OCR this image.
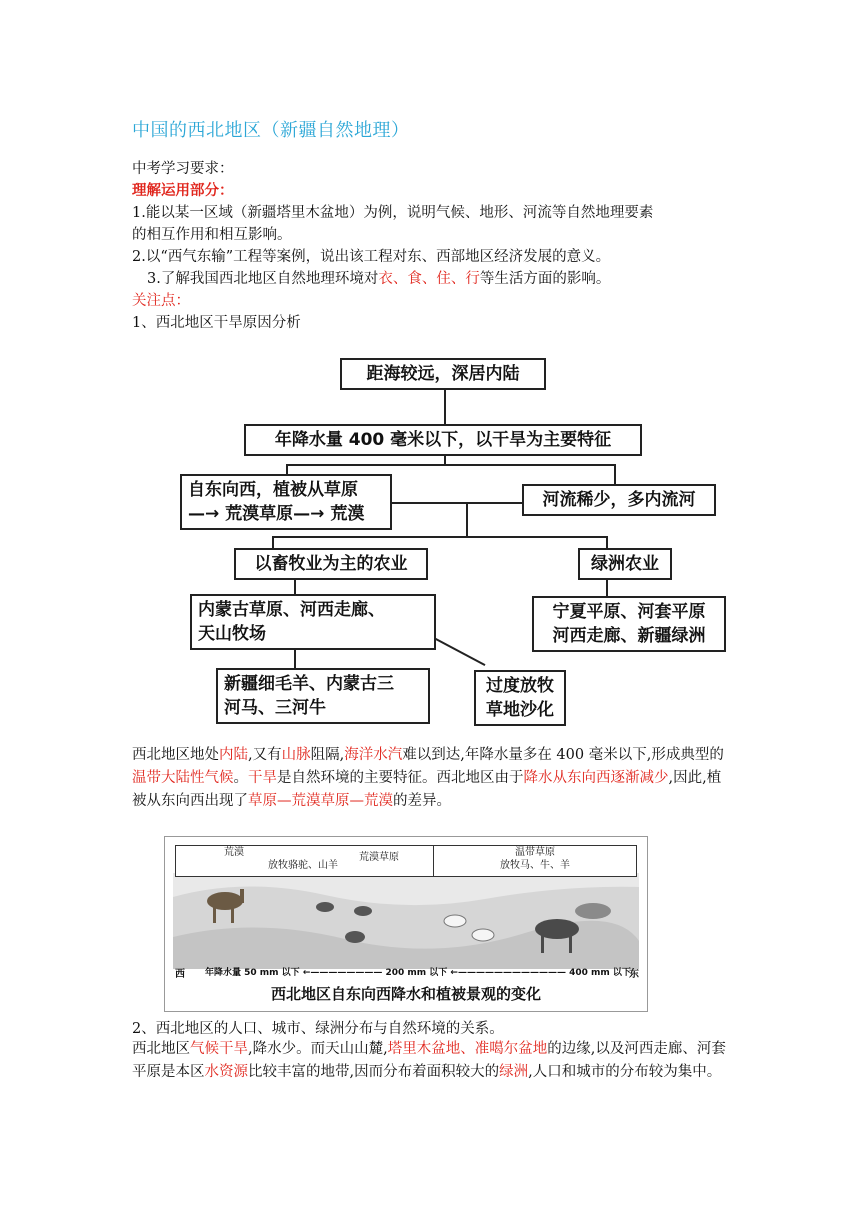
中国的西北地区（新疆自然地理）
中考学习要求：
理解运用部分：
1.能以某一区域（新疆塔里木盆地）为例，说明气候、地形、河流等自然地理要素
的相互作用和相互影响。
2.以“西气东输”工程等案例，说出该工程对东、西部地区经济发展的意义。
3.了解我国西北地区自然地理环境对衣、食、住、行等生活方面的影响。
关注点：
1、西北地区干旱原因分析
距海较远，深居内陆
年降水量 400 毫米以下，以干旱为主要特征
自东向西，植被从草原
—→ 荒漠草原—→ 荒漠
河流稀少，多内流河
以畜牧业为主的农业	绿洲农业
内蒙古草原、河西走廊、
天山牧场
宁夏平原、河套平原
河西走廊、新疆绿洲
新疆细毛羊、内蒙古三
河马、三河牛
过度放牧
草地沙化
西北地区地处内陆,又有山脉阻隔,海洋水汽难以到达,年降水量多在 400 毫米以下,形成典型的温带大陆性气候。干旱是自然环境的主要特征。西北地区由于降水从东向西逐渐减少,因此,植被从东向西出现了草原—荒漠草原—荒漠的差异。
荒漠
放牧骆驼、山羊
荒漠草原	温带草原
放牧马、牛、羊
西 年降水量 50 mm 以下 ←———————— 200 mm 以下 ←———————————— 400 mm 以下
东
西北地区自东向西降水和植被景观的变化
2、西北地区的人口、城市、绿洲分布与自然环境的关系。
西北地区气候干旱,降水少。而天山山麓,塔里木盆地、准噶尔盆地的边缘,以及河西走廊、河套平原是本区水资源比较丰富的地带,因而分布着面积较大的绿洲,人口和城市的分布较为集中。
